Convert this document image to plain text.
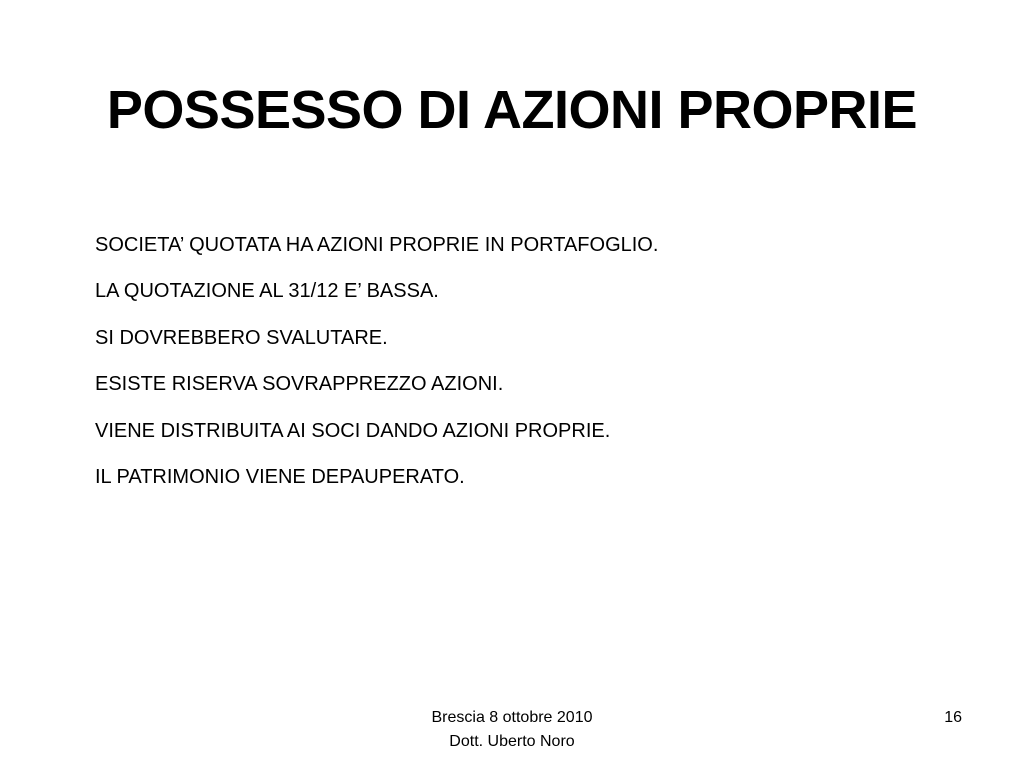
POSSESSO DI AZIONI PROPRIE
SOCIETA’ QUOTATA HA AZIONI PROPRIE IN PORTAFOGLIO.
LA QUOTAZIONE AL 31/12 E’ BASSA.
SI DOVREBBERO SVALUTARE.
ESISTE RISERVA SOVRAPPREZZO AZIONI.
VIENE DISTRIBUITA AI SOCI DANDO AZIONI PROPRIE.
IL PATRIMONIO VIENE DEPAUPERATO.
Brescia 8 ottobre 2010
Dott. Uberto Noro
16
